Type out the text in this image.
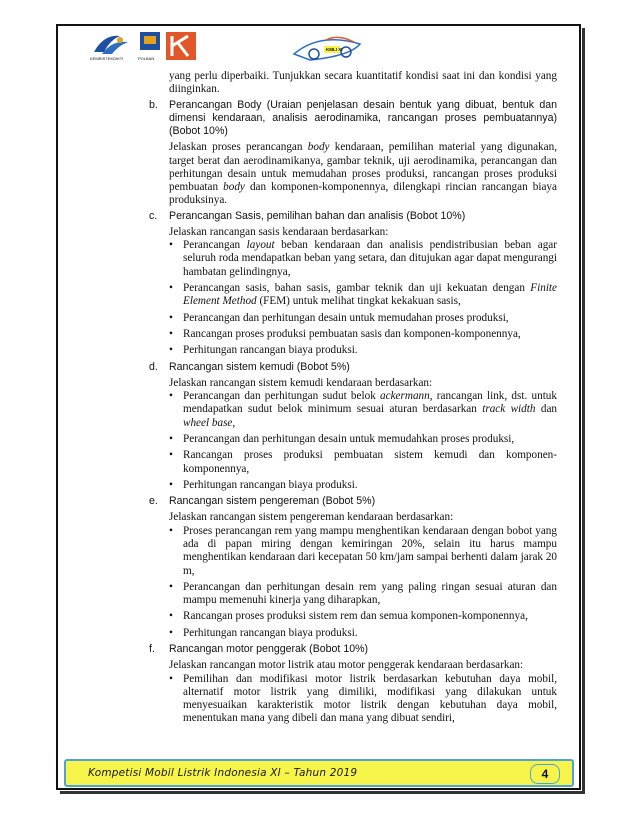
KEMRISTEKDIKTI	POLBAN
KMLI XI

yang perlu diperbaiki. Tunjukkan secara kuantitatif kondisi saat ini dan kondisi yang diinginkan.

b.	Perancangan Body (Uraian penjelasan desain bentuk yang dibuat, bentuk dan dimensi kendaraan, analisis aerodinamika, rancangan proses pembuatannya) (Bobot 10%)

Jelaskan proses perancangan body kendaraan, pemilihan material yang digunakan, target berat dan aerodinamikanya, gambar teknik, uji aerodinamika, perancangan dan perhitungan desain untuk memudahan proses produksi, rancangan proses produksi pembuatan body dan komponen-komponennya, dilengkapi rincian rancangan biaya produksinya.

c.	Perancangan Sasis, pemilihan bahan dan analisis (Bobot 10%)

Jelaskan rancangan sasis kendaraan berdasarkan:

• Perancangan layout beban kendaraan dan analisis pendistribusian beban agar seluruh roda mendapatkan beban yang setara, dan ditujukan agar dapat mengurangi hambatan gelindingnya,
• Perancangan sasis, bahan sasis, gambar teknik dan uji kekuatan dengan Finite Element Method (FEM) untuk melihat tingkat kekakuan sasis,
• Perancangan dan perhitungan desain untuk memudahan proses produksi,
• Rancangan proses produksi pembuatan sasis dan komponen-komponennya,
• Perhitungan rancangan biaya produksi.
d.	Rancangan sistem kemudi (Bobot 5%)

Jelaskan rancangan sistem kemudi kendaraan berdasarkan:

• Perancangan dan perhitungan sudut belok ackermann, rancangan link, dst. untuk mendapatkan sudut belok minimum sesuai aturan berdasarkan track width dan wheel base,
• Perancangan dan perhitungan desain untuk memudahkan proses produksi,
• Rancangan proses produksi pembuatan sistem kemudi dan komponen-komponennya,
• Perhitungan rancangan biaya produksi.
e.	Rancangan sistem pengereman (Bobot 5%)

Jelaskan rancangan sistem pengereman kendaraan berdasarkan:

• Proses perancangan rem yang mampu menghentikan kendaraan dengan bobot yang ada di papan miring dengan kemiringan 20%, selain itu harus mampu menghentikan kendaraan dari kecepatan 50 km/jam sampai berhenti dalam jarak 20 m,
• Perancangan dan perhitungan desain rem yang paling ringan sesuai aturan dan mampu memenuhi kinerja yang diharapkan,
• Rancangan proses produksi sistem rem dan semua komponen-komponennya,
• Perhitungan rancangan biaya produksi.
f.	Rancangan motor penggerak (Bobot 10%)

Jelaskan rancangan motor listrik atau motor penggerak kendaraan berdasarkan:

• Pemilihan dan modifikasi motor listrik berdasarkan kebutuhan daya mobil, alternatif motor listrik yang dimiliki, modifikasi yang dilakukan untuk menyesuaikan karakteristik motor listrik dengan kebutuhan daya mobil, menentukan mana yang dibeli dan mana yang dibuat sendiri,
Kompetisi Mobil Listrik Indonesia XI – Tahun 2019	4
